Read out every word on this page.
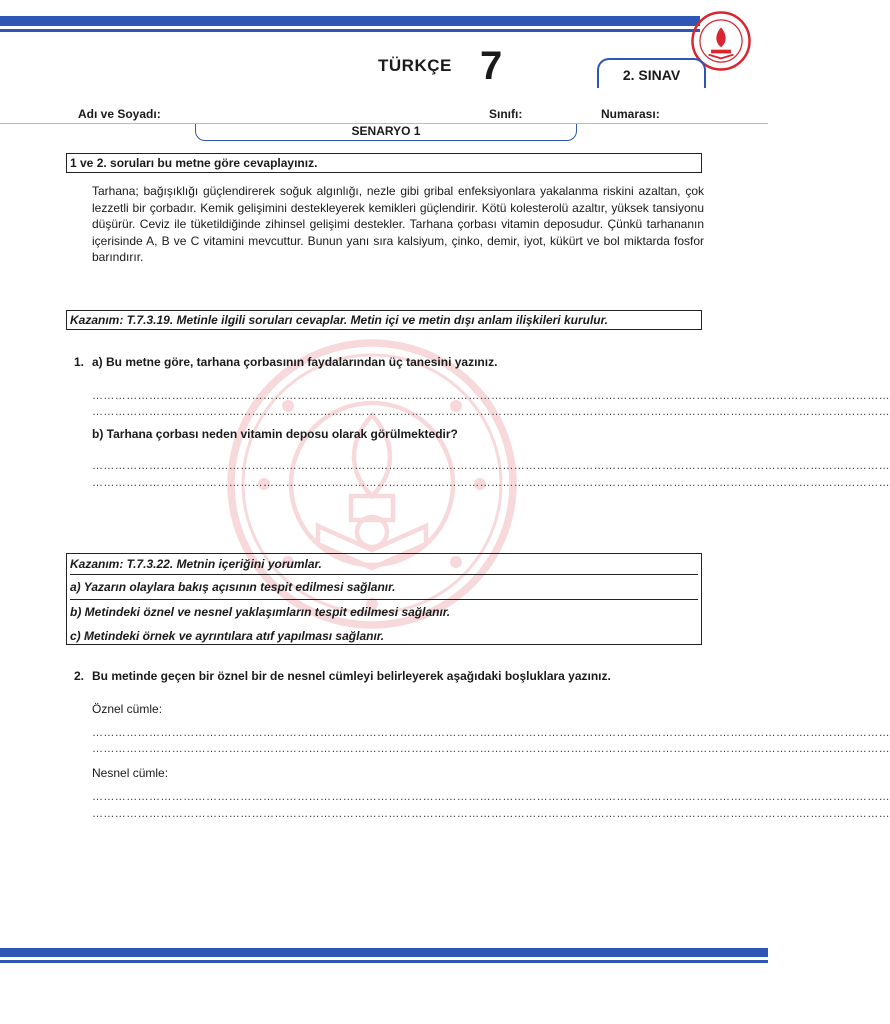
TÜRKÇE 7	2. SINAV
Adı ve Soyadı:	Sınıfı:	Numarası:
SENARYO 1
1 ve 2. soruları bu metne göre cevaplayınız.
Tarhana; bağışıklığı güçlendirerek soğuk algınlığı, nezle gibi gribal enfeksiyonlara yakalanma riskini azaltan, çok lezzetli bir çorbadır. Kemik gelişimini destekleyerek kemikleri güçlendirir. Kötü kolesterolü azaltır, yüksek tansiyonu düşürür. Ceviz ile tüketildiğinde zihinsel gelişimi destekler. Tarhana çorbası vitamin deposudur. Çünkü tarhananın içerisinde A, B ve C vitamini mevcuttur. Bunun yanı sıra kalsiyum, çinko, demir, iyot, kükürt ve bol miktarda fosfor barındırır.
Kazanım: T.7.3.19. Metinle ilgili soruları cevaplar. Metin içi ve metin dışı anlam ilişkileri kurulur.
1. a) Bu metne göre, tarhana çorbasının faydalarından üç tanesini yazınız.
…………………………………………………………………………………………………………………………………………………………………………………………
…………………………………………………………………………………………………………………………………………………………………………………………
b) Tarhana çorbası neden vitamin deposu olarak görülmektedir?
…………………………………………………………………………………………………………………………………………………………………………………………
…………………………………………………………………………………………………………………………………………………………………………………………
Kazanım: T.7.3.22. Metnin içeriğini yorumlar.
a) Yazarın olaylara bakış açısının tespit edilmesi sağlanır.
b) Metindeki öznel ve nesnel yaklaşımların tespit edilmesi sağlanır.
c) Metindeki örnek ve ayrıntılara atıf yapılması sağlanır.
2. Bu metinde geçen bir öznel bir de nesnel cümleyi belirleyerek aşağıdaki boşluklara yazınız.
Öznel cümle:
…………………………………………………………………………………………………………………………………………………………………………………………
…………………………………………………………………………………………………………………………………………………………………………………………
Nesnel cümle:
…………………………………………………………………………………………………………………………………………………………………………………………
…………………………………………………………………………………………………………………………………………………………………………………………
